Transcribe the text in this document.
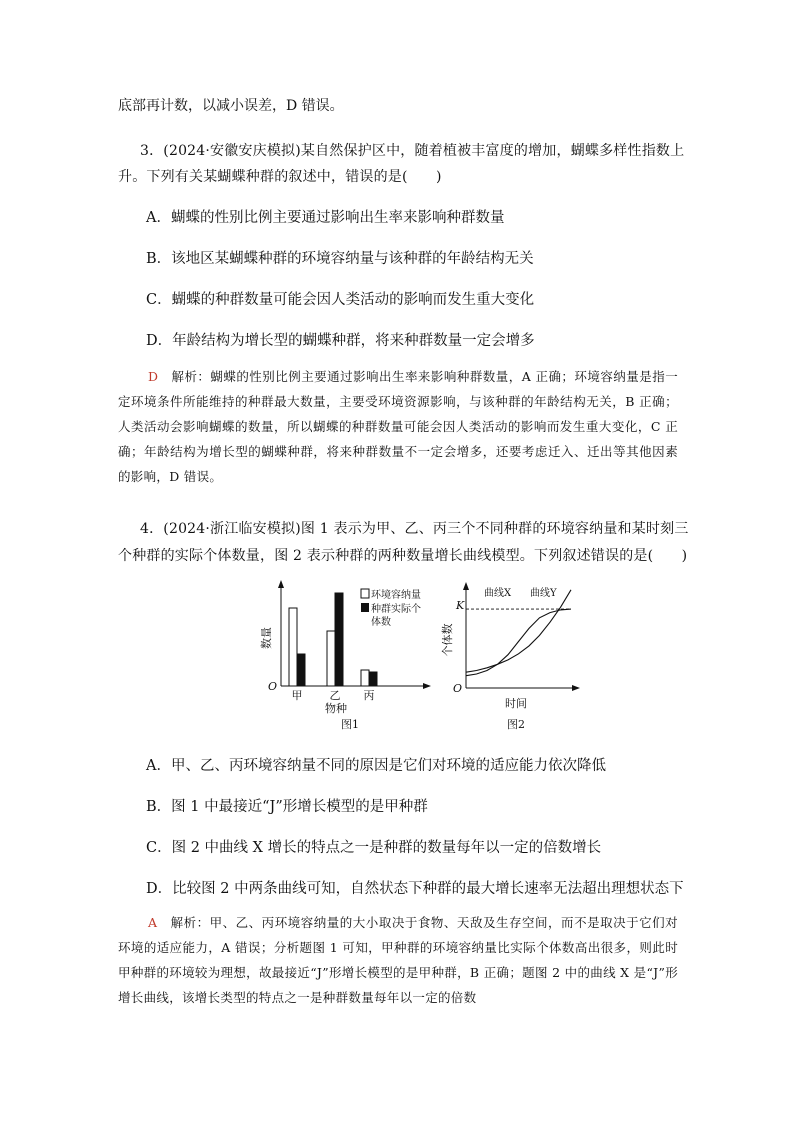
底部再计数，以减小误差，D 错误。
3．(2024·安徽安庆模拟)某自然保护区中，随着植被丰富度的增加，蝴蝶多样性指数上
升。下列有关某蝴蝶种群的叙述中，错误的是(　　)
A．蝴蝶的性别比例主要通过影响出生率来影响种群数量
B．该地区某蝴蝶种群的环境容纳量与该种群的年龄结构无关
C．蝴蝶的种群数量可能会因人类活动的影响而发生重大变化
D．年龄结构为增长型的蝴蝶种群，将来种群数量一定会增多

D　 解析：蝴蝶的性别比例主要通过影响出生率来影响种群数量，A 正确；环境容纳量是指一定环境条件所能维持的种群最大数量，主要受环境资源影响，与该种群的年龄结构无关，B 正确；人类活动会影响蝴蝶的数量，所以蝴蝶的种群数量可能会因人类活动的影响而发生重大变化，C 正确；年龄结构为增长型的蝴蝶种群，将来种群数量不一定会增多，还要考虑迁入、迁出等其他因素的影响，D 错误。

4．(2024·浙江临安模拟)图 1 表示为甲、乙、丙三个不同种群的环境容纳量和某时刻三
个种群的实际个体数量，图 2 表示种群的两种数量增长曲线模型。下列叙述错误的是(　　)
O
数量
甲 乙 丙
物种
图1
环境容纳量
种群实际个
体数
O
个体数
K
曲线X 曲线Y
时间
图2
A．甲、乙、丙环境容纳量不同的原因是它们对环境的适应能力依次降低
B．图 1 中最接近“J”形增长模型的是甲种群
C．图 2 中曲线 X 增长的特点之一是种群的数量每年以一定的倍数增长
D．比较图 2 中两条曲线可知，自然状态下种群的最大增长速率无法超出理想状态下

A　 解析：甲、乙、丙环境容纳量的大小取决于食物、天敌及生存空间，而不是取决于它们对环境的适应能力，A 错误；分析题图 1 可知，甲种群的环境容纳量比实际个体数高出很多，则此时甲种群的环境较为理想，故最接近“J”形增长模型的是甲种群，B 正确；题图 2 中的曲线 X 是“J”形增长曲线，该增长类型的特点之一是种群数量每年以一定的倍数
